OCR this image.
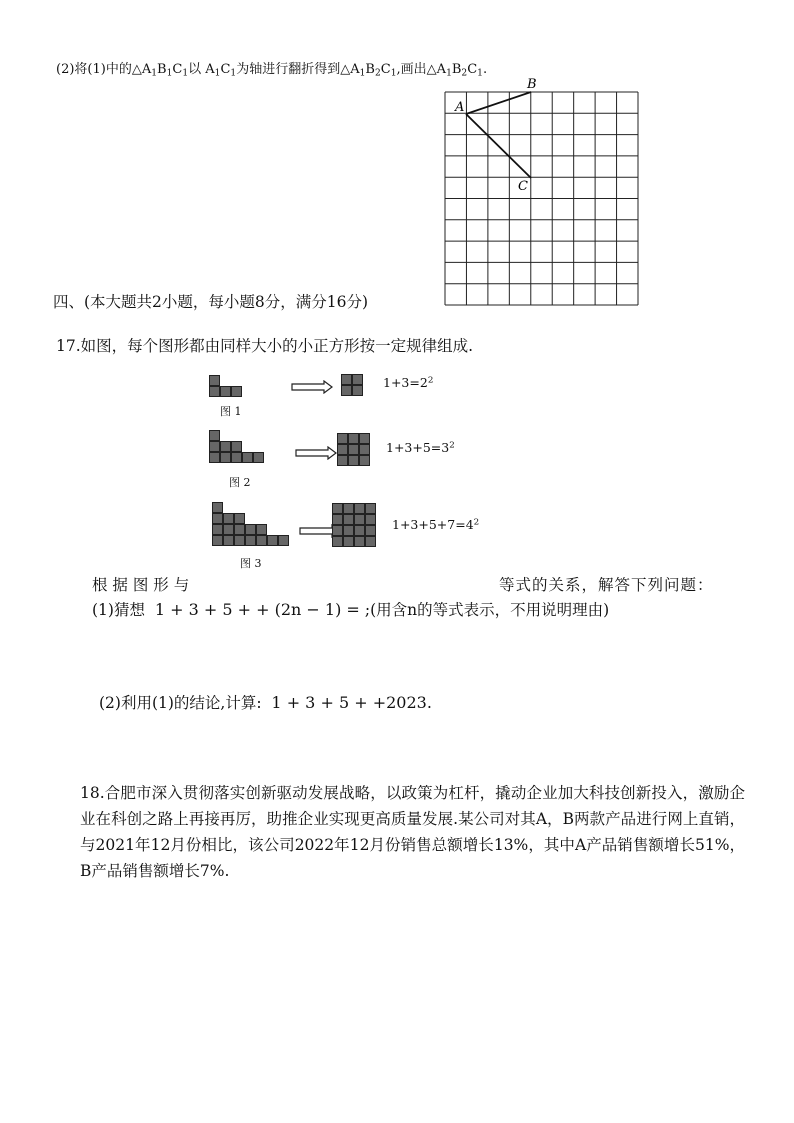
(2)将(1)中的$\triangle A_1B_1C_1$以 $A_1C_1$为轴进行翻折得到$\triangle A_1B_2C_1$,画出$\triangle A_1B_2C_1$.
A
B
C
四、(本大题共2小题，每小题8分，满分16分)
17.如图，每个图形都由同样大小的小正方形按一定规律组成.
$1+3=2^2$
图 1
$1+3+5=3^2$
图 2
$1+3+5+7=4^2$
图 3
根 据 图 形 与	等式的关系，解答下列问题：
(1)猜想 1 + 3 + 5 + + (2n − 1) = ;(用含n的等式表示，不用说明理由)
(2)利用(1)的结论,计算: 1 + 3 + 5 + +2023.
18.合肥市深入贯彻落实创新驱动发展战略，以政策为杠杆，撬动企业加大科技创新投入，激励企业在科创之路上再接再厉，助推企业实现更高质量发展.某公司对其A，B两款产品进行网上直销，与2021年12月份相比，该公司2022年12月份销售总额增长13%，其中A产品销售额增长51%，B产品销售额增长7%.
